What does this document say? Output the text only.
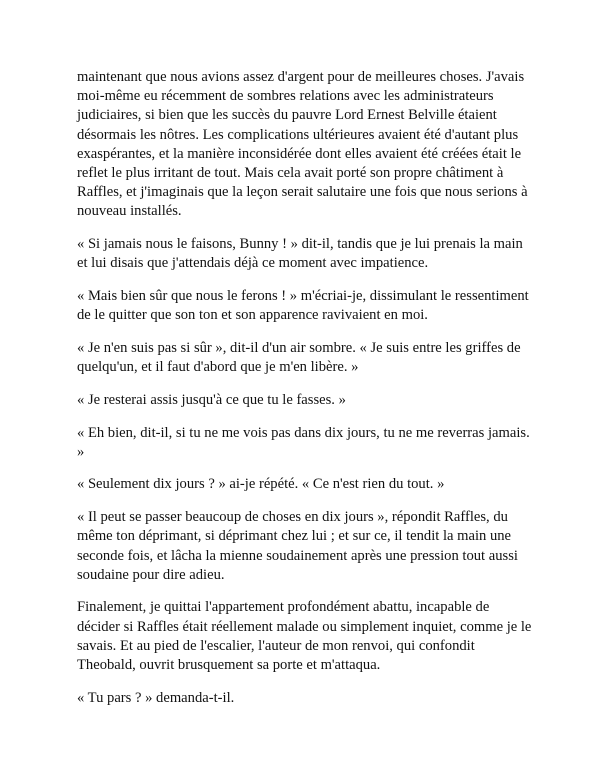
maintenant que nous avions assez d'argent pour de meilleures choses. J'avais moi-même eu récemment de sombres relations avec les administrateurs judiciaires, si bien que les succès du pauvre Lord Ernest Belville étaient désormais les nôtres. Les complications ultérieures avaient été d'autant plus exaspérantes, et la manière inconsidérée dont elles avaient été créées était le reflet le plus irritant de tout. Mais cela avait porté son propre châtiment à Raffles, et j'imaginais que la leçon serait salutaire une fois que nous serions à nouveau installés.

« Si jamais nous le faisons, Bunny ! » dit-il, tandis que je lui prenais la main et lui disais que j'attendais déjà ce moment avec impatience.

« Mais bien sûr que nous le ferons ! » m'écriai-je, dissimulant le ressentiment de le quitter que son ton et son apparence ravivaient en moi.

« Je n'en suis pas si sûr », dit-il d'un air sombre. « Je suis entre les griffes de quelqu'un, et il faut d'abord que je m'en libère. »

« Je resterai assis jusqu'à ce que tu le fasses. »

« Eh bien, dit-il, si tu ne me vois pas dans dix jours, tu ne me reverras jamais. »

« Seulement dix jours ? » ai-je répété. « Ce n'est rien du tout. »

« Il peut se passer beaucoup de choses en dix jours », répondit Raffles, du même ton déprimant, si déprimant chez lui ; et sur ce, il tendit la main une seconde fois, et lâcha la mienne soudainement après une pression tout aussi soudaine pour dire adieu.

Finalement, je quittai l'appartement profondément abattu, incapable de décider si Raffles était réellement malade ou simplement inquiet, comme je le savais. Et au pied de l'escalier, l'auteur de mon renvoi, qui confondit Theobald, ouvrit brusquement sa porte et m'attaqua.

« Tu pars ? » demanda-t-il.
